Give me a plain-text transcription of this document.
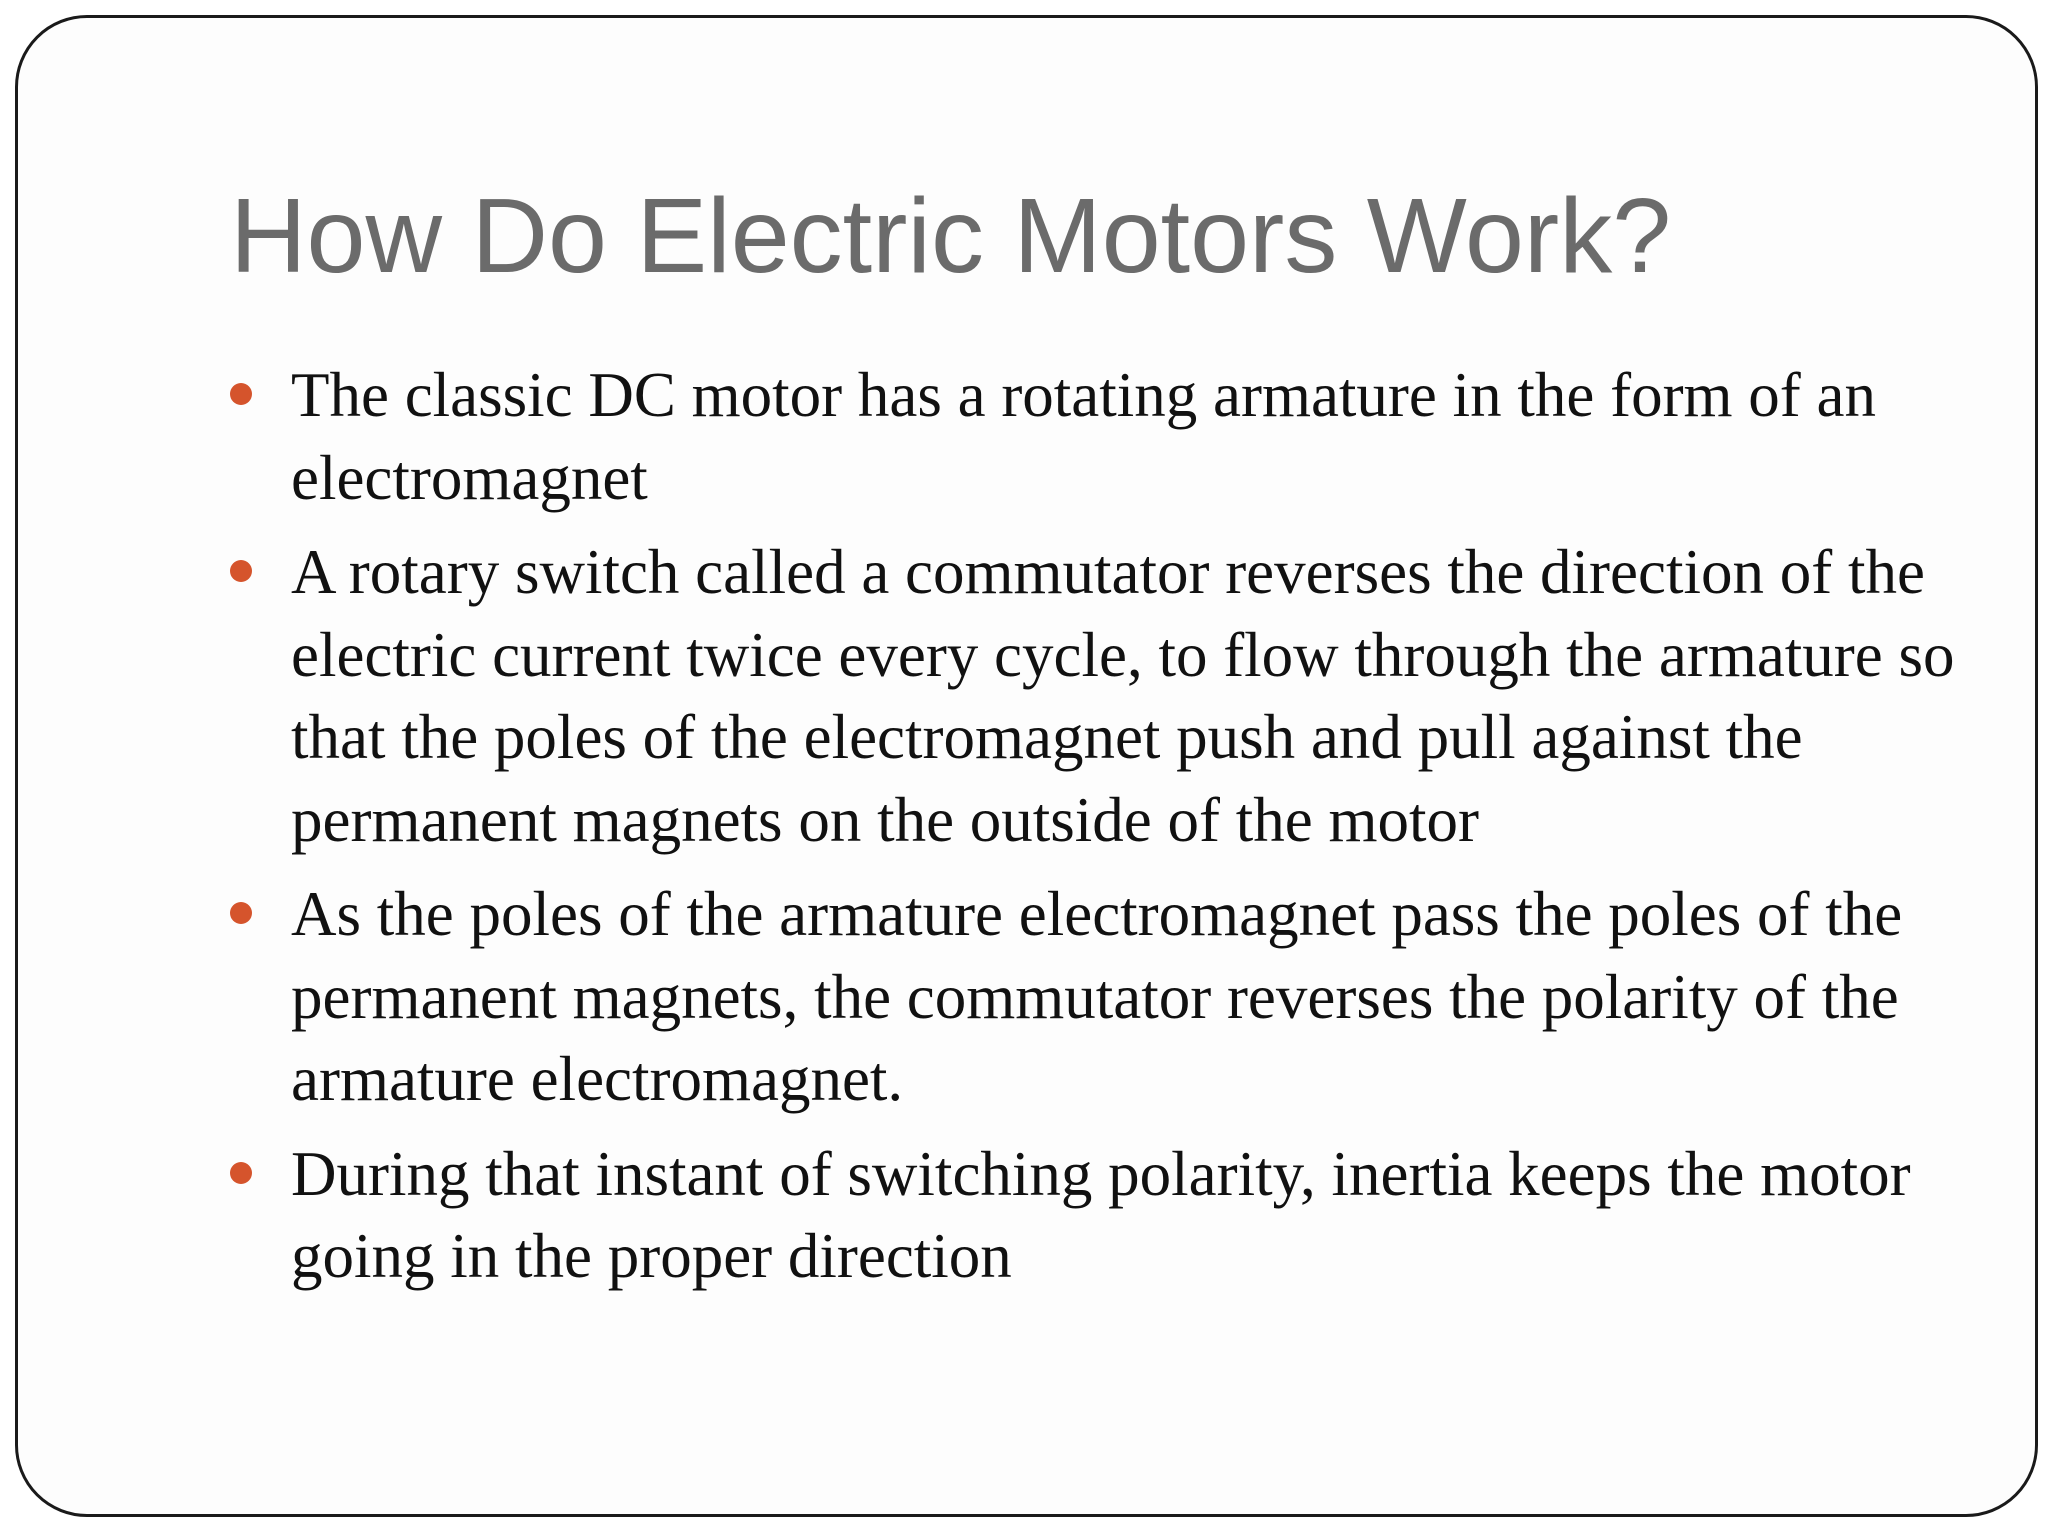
How Do Electric Motors Work?
The classic DC motor has a rotating armature in the form of an electromagnet
A rotary switch called a commutator reverses the direction of the electric current twice every cycle, to flow through the armature so that the poles of the electromagnet push and pull against the permanent magnets on the outside of the motor
As the poles of the armature electromagnet pass the poles of the permanent magnets, the commutator reverses the polarity of the armature electromagnet.
During that instant of switching polarity, inertia keeps the motor going in the proper direction
